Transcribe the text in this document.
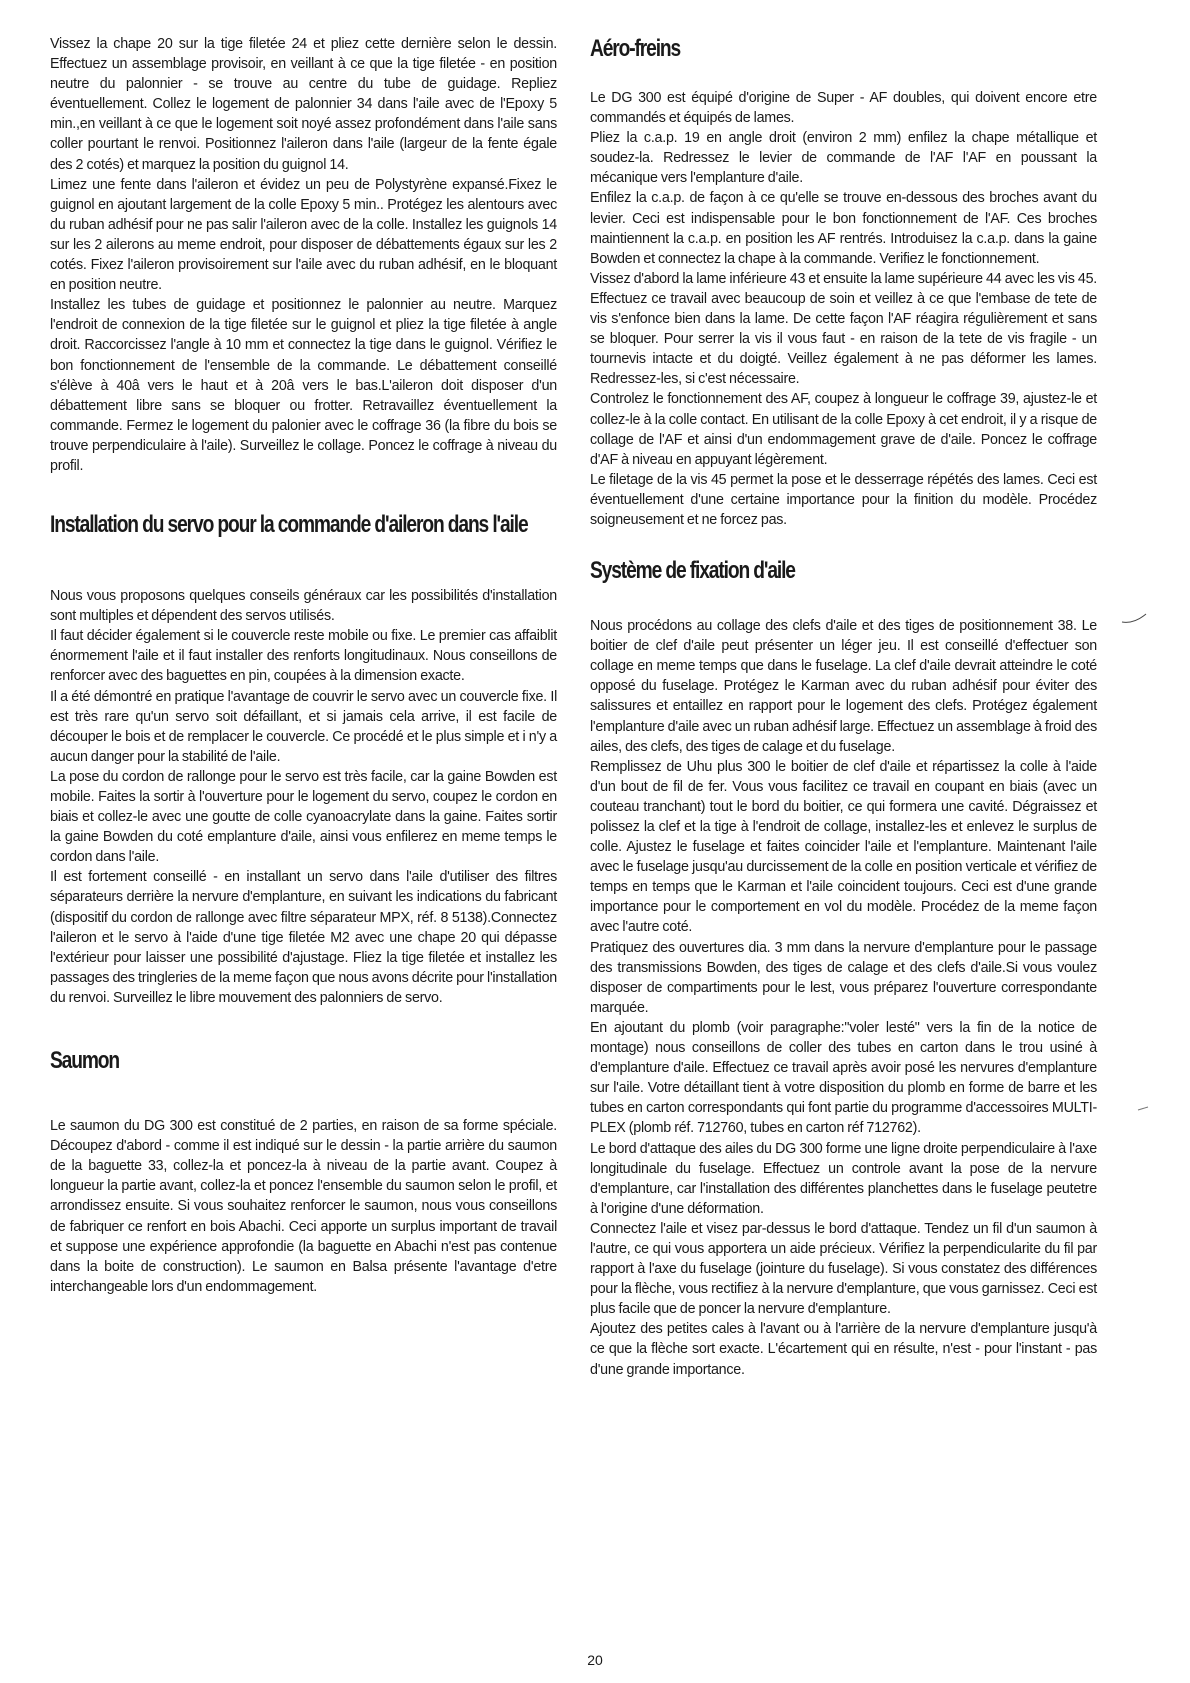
Vissez la chape 20 sur la tige filetée 24 et pliez cette dernière selon le dessin. Effectuez un assemblage provisoir, en veillant à ce que la tige filetée - en position neutre du palonnier - se trouve au centre du tube de guidage. Repliez éventuellement. Collez le logement de palonnier 34 dans l'aile avec de l'Epoxy 5 min.,en veillant à ce que le logement soit noyé assez profondément dans l'aile sans coller pourtant le renvoi. Positionnez l'aileron dans l'aile (largeur de la fente égale des 2 cotés) et marquez la position du guignol 14.

Limez une fente dans l'aileron et évidez un peu de Polystyrène expansé.Fixez le guignol en ajoutant largement de la colle Epoxy 5 min.. Protégez les alentours avec du ruban adhésif pour ne pas salir l'aileron avec de la colle. Installez les guignols 14 sur les 2 ailerons au meme endroit, pour disposer de débattements égaux sur les 2 cotés. Fixez l'aileron provisoirement sur l'aile avec du ruban adhésif, en le bloquant en position neutre.

Installez les tubes de guidage et positionnez le palonnier au neutre. Marquez l'endroit de connexion de la tige filetée sur le guignol et pliez la tige filetée à angle droit. Raccorcissez l'angle à 10 mm et connectez la tige dans le guignol. Vérifiez le bon fonctionnement de l'ensemble de la commande. Le débattement conseillé s'élève à 40â vers le haut et à 20â vers le bas.L'aileron doit disposer d'un débattement libre sans se bloquer ou frotter. Retravaillez éventuellement la commande. Fermez le logement du palonier avec le coffrage 36 (la fibre du bois se trouve perpendiculaire à l'aile). Surveillez le collage. Poncez le coffrage à niveau du profil.

Installation du servo pour la commande d'aileron dans l'aile

Nous vous proposons quelques conseils généraux car les possibilités d'installation sont multiples et dépendent des servos utilisés.

Il faut décider également si le couvercle reste mobile ou fixe. Le premier cas affaiblit énormement l'aile et il faut installer des renforts longitudinaux. Nous conseillons de renforcer avec des baguettes en pin, coupées à la dimension exacte.

Il a été démontré en pratique l'avantage de couvrir le servo avec un couvercle fixe. Il est très rare qu'un servo soit défaillant, et si jamais cela arrive, il est facile de découper le bois et de remplacer le couvercle. Ce procédé et le plus simple et i n'y a aucun danger pour la stabilité de l'aile.

La pose du cordon de rallonge pour le servo est très facile, car la gaine Bowden est mobile. Faites la sortir à l'ouverture pour le logement du servo, coupez le cordon en biais et collez-le avec une goutte de colle cyanoacrylate dans la gaine. Faites sortir la gaine Bowden du coté emplanture d'aile, ainsi vous enfilerez en meme temps le cordon dans l'aile.

Il est fortement conseillé - en installant un servo dans l'aile d'utiliser des filtres séparateurs derrière la nervure d'emplanture, en suivant les indications du fabricant (dispositif du cordon de rallonge avec filtre séparateur MPX, réf. 8 5138).Connectez l'aileron et le servo à l'aide d'une tige filetée M2 avec une chape 20 qui dépasse l'extérieur pour laisser une possibilité d'ajustage. Fliez la tige filetée et installez les passages des tringleries de la meme façon que nous avons décrite pour l'installation du renvoi. Surveillez le libre mouvement des palonniers de servo.

Saumon

Le saumon du DG 300 est constitué de 2 parties, en raison de sa forme spéciale. Découpez d'abord - comme il est indiqué sur le dessin - la partie arrière du saumon de la baguette 33, collez-la et poncez-la à niveau de la partie avant. Coupez à longueur la partie avant, collez-la et poncez l'ensemble du saumon selon le profil, et arrondissez ensuite. Si vous souhaitez renforcer le saumon, nous vous conseillons de fabriquer ce renfort en bois Abachi. Ceci apporte un surplus important de travail et suppose une expérience approfondie (la baguette en Abachi n'est pas contenue dans la boite de construction). Le saumon en Balsa présente l'avantage d'etre interchangeable lors d'un endommagement.

Aéro-freins

Le DG 300 est équipé d'origine de Super - AF doubles, qui doivent encore etre commandés et équipés de lames.

Pliez la c.a.p. 19 en angle droit (environ 2 mm) enfilez la chape métallique et soudez-la. Redressez le levier de commande de l'AF l'AF en poussant la mécanique vers l'emplanture d'aile.

Enfilez la c.a.p. de façon à ce qu'elle se trouve en-dessous des broches avant du levier. Ceci est indispensable pour le bon fonctionnement de l'AF. Ces broches maintiennent la c.a.p. en position les AF rentrés. Introduisez la c.a.p. dans la gaine Bowden et connectez la chape à la commande. Verifiez le fonctionnement.

Vissez d'abord la lame inférieure 43 et ensuite la lame supérieure 44 avec les vis 45. Effectuez ce travail avec beaucoup de soin et veillez à ce que l'embase de tete de vis s'enfonce bien dans la lame. De cette façon l'AF réagira régulièrement et sans se bloquer. Pour serrer la vis il vous faut - en raison de la tete de vis fragile - un tournevis intacte et du doigté. Veillez également à ne pas déformer les lames. Redressez-les, si c'est nécessaire.

Controlez le fonctionnement des AF, coupez à longueur le coffrage 39, ajustez-le et collez-le à la colle contact. En utilisant de la colle Epoxy à cet endroit, il y a risque de collage de l'AF et ainsi d'un endommagement grave de d'aile. Poncez le coffrage d'AF à niveau en appuyant légèrement.

Le filetage de la vis 45 permet la pose et le desserrage répétés des lames. Ceci est éventuellement d'une certaine importance pour la finition du modèle. Procédez soigneusement et ne forcez pas.

Système de fixation d'aile

Nous procédons au collage des clefs d'aile et des tiges de positionnement 38. Le boitier de clef d'aile peut présenter un léger jeu. Il est conseillé d'effectuer son collage en meme temps que dans le fuselage. La clef d'aile devrait atteindre le coté opposé du fuselage. Protégez le Karman avec du ruban adhésif pour éviter des salissures et entaillez en rapport pour le logement des clefs. Protégez également l'emplanture d'aile avec un ruban adhésif large. Effectuez un assemblage à froid des ailes, des clefs, des tiges de calage et du fuselage.

Remplissez de Uhu plus 300 le boitier de clef d'aile et répartissez la colle à l'aide d'un bout de fil de fer. Vous vous facilitez ce travail en coupant en biais (avec un couteau tranchant) tout le bord du boitier, ce qui formera une cavité. Dégraissez et polissez la clef et la tige à l'endroit de collage, installez-les et enlevez le surplus de colle. Ajustez le fuselage et faites coincider l'aile et l'emplanture. Maintenant l'aile avec le fuselage jusqu'au durcissement de la colle en position verticale et vérifiez de temps en temps que le Karman et l'aile coincident toujours. Ceci est d'une grande importance pour le comportement en vol du modèle. Procédez de la meme façon avec l'autre coté.

Pratiquez des ouvertures dia. 3 mm dans la nervure d'emplanture pour le passage des transmissions Bowden, des tiges de calage et des clefs d'aile.Si vous voulez disposer de compartiments pour le lest, vous préparez l'ouverture correspondante marquée.

En ajoutant du plomb (voir paragraphe:"voler lesté" vers la fin de la notice de montage) nous conseillons de coller des tubes en carton dans le trou usiné à d'emplanture d'aile. Effectuez ce travail après avoir posé les nervures d'emplanture sur l'aile. Votre détaillant tient à votre disposition du plomb en forme de barre et les tubes en carton correspondants qui font partie du programme d'accessoires MULTI-PLEX (plomb réf. 712760, tubes en carton réf 712762).

Le bord d'attaque des ailes du DG 300 forme une ligne droite perpendiculaire à l'axe longitudinale du fuselage. Effectuez un controle avant la pose de la nervure d'emplanture, car l'installation des différentes planchettes dans le fuselage peutetre à l'origine d'une déformation.

Connectez l'aile et visez par-dessus le bord d'attaque. Tendez un fil d'un saumon à l'autre, ce qui vous apportera un aide précieux. Vérifiez la perpendicularite du fil par rapport à l'axe du fuselage (jointure du fuselage). Si vous constatez des différences pour la flèche, vous rectifiez à la nervure d'emplanture, que vous garnissez. Ceci est plus facile que de poncer la nervure d'emplanture.

Ajoutez des petites cales à l'avant ou à l'arrière de la nervure d'emplanture jusqu'à ce que la flèche sort exacte. L'écartement qui en résulte, n'est - pour l'instant - pas d'une grande importance.

20
